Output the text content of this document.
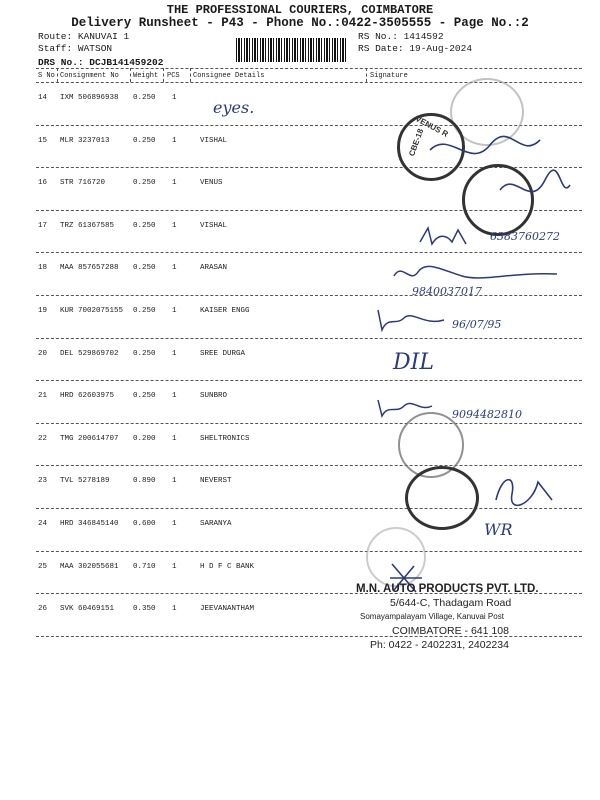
THE PROFESSIONAL COURIERS, COIMBATORE
Delivery Runsheet - P43 - Phone No.:0422-3505555 - Page No.:2
Route: KANUVAI 1
Staff: WATSON
DRS No.: DCJB141459202
RS No.: 1414592
RS Date: 19-Aug-2024
S No Consignment No Weight PCS Consignee Details	Signature
14 IXM 506896938 0.250 1
15 MLR 3237013	0.250 1	VISHAL
16 STR 716720	0.250 1	VENUS
17 TRZ 61367585	0.250 1	VISHAL
18 MAA 857657288 0.250 1	ARASAN
19 KUR 7002075155 0.250 1	KAISER ENGG
20 DEL 529869702 0.250 1	SREE DURGA
21 HRD 62603975	0.250 1	SUNBRO
22 TMG 200614707 0.200 1	SHELTRONICS
23 TVL 5278189	0.890 1	NEVERST
24 HRD 346845140 0.600 1	SARANYA
25 MAA 302055681 0.710 1	H D F C BANK
26 SVK 60469151	0.350 1	JEEVANANTHAM
VENUS R
CBE-18
eyes.
6383760272
9840037017
96/07/95
DIL
9094482810
WR
M.N. AUTO PRODUCTS PVT. LTD.
5/644-C, Thadagam Road
Somayampalayam Village, Kanuvai Post
COIMBATORE - 641 108
Ph: 0422 - 2402231, 2402234
